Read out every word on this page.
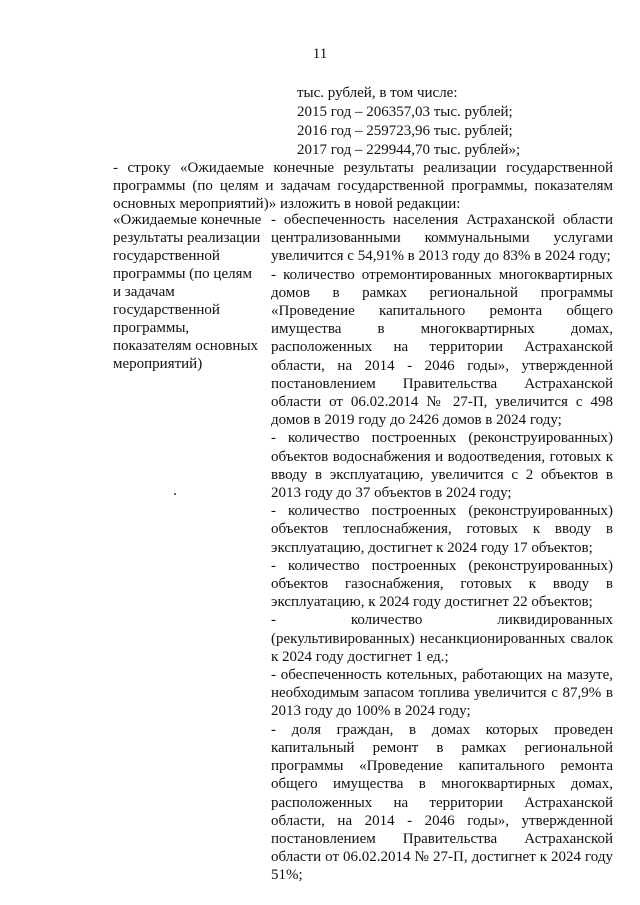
11
тыс. рублей, в том числе:
2015 год – 206357,03 тыс. рублей;
2016 год – 259723,96 тыс. рублей;
2017 год – 229944,70 тыс. рублей»;
- строку «Ожидаемые конечные результаты реализации государственной программы (по целям и задачам государственной программы, показателям основных мероприятий)» изложить в новой редакции:
«Ожидаемые конечные результаты реализации государственной программы (по целям и задачам государственной программы, показателям основных мероприятий)

- обеспеченность населения Астраханской области централизованными коммунальными услугами увеличится с 54,91% в 2013 году до 83% в 2024 году;

- количество отремонтированных многоквартирных домов в рамках региональной программы «Проведение капитального ремонта общего имущества в многоквартирных домах, расположенных на территории Астраханской области, на 2014 - 2046 годы», утвержденной постановлением Правительства Астраханской области от 06.02.2014 № 27-П, увеличится с 498 домов в 2019 году до 2426 домов в 2024 году;

- количество построенных (реконструированных) объектов водоснабжения и водоотведения, готовых к вводу в эксплуатацию, увеличится с 2 объектов в 2013 году до 37 объектов в 2024 году;

- количество построенных (реконструированных) объектов теплоснабжения, готовых к вводу в эксплуатацию, достигнет к 2024 году 17 объектов;

- количество построенных (реконструированных) объектов газоснабжения, готовых к вводу в эксплуатацию, к 2024 году достигнет 22 объектов;

- количество ликвидированных (рекультивированных) несанкционированных свалок к 2024 году достигнет 1 ед.;

- обеспеченность котельных, работающих на мазуте, необходимым запасом топлива увеличится с 87,9% в 2013 году до 100% в 2024 году;

- доля граждан, в домах которых проведен капитальный ремонт в рамках региональной программы «Проведение капитального ремонта общего имущества в многоквартирных домах, расположенных на территории Астраханской области, на 2014 - 2046 годы», утвержденной постановлением Правительства Астраханской области от 06.02.2014 № 27-П, достигнет к 2024 году 51%;
